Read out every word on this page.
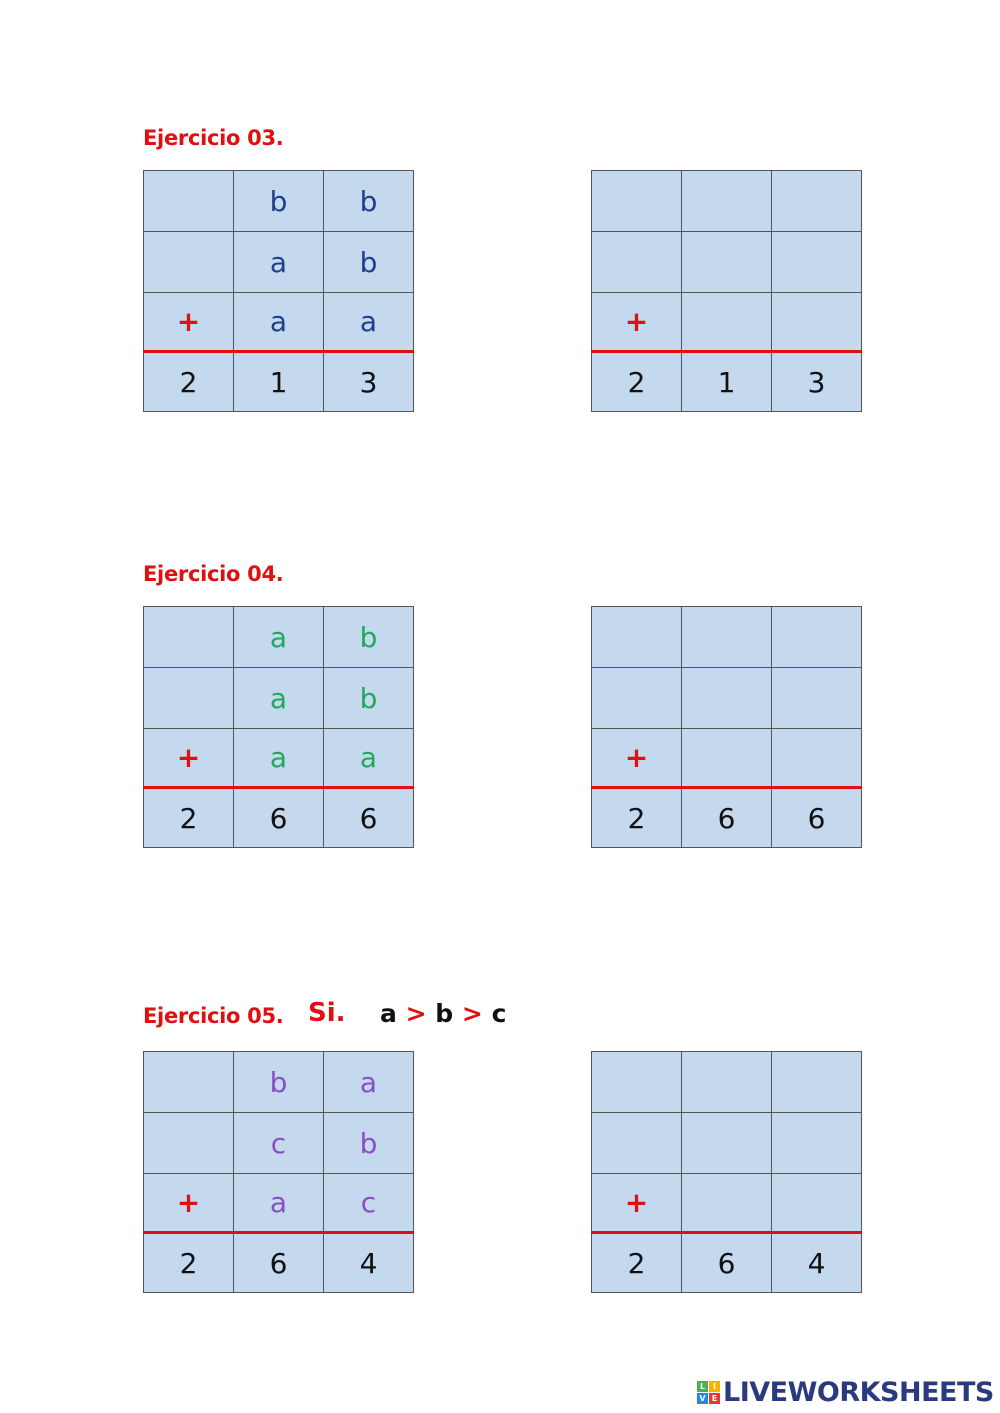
Ejercicio 03.
	b	b
	a	b
+	a	a
2	1	3

+		
2	1	3
Ejercicio 04.
	a	b
	a	b
+	a	a
2	6	6

+		
2	6	6
Ejercicio 05. Si. a > b > c
	b	a
	c	b
+	a	c
2	6	4

+		
2	6	4
L I
V E LIVEWORKSHEETS
